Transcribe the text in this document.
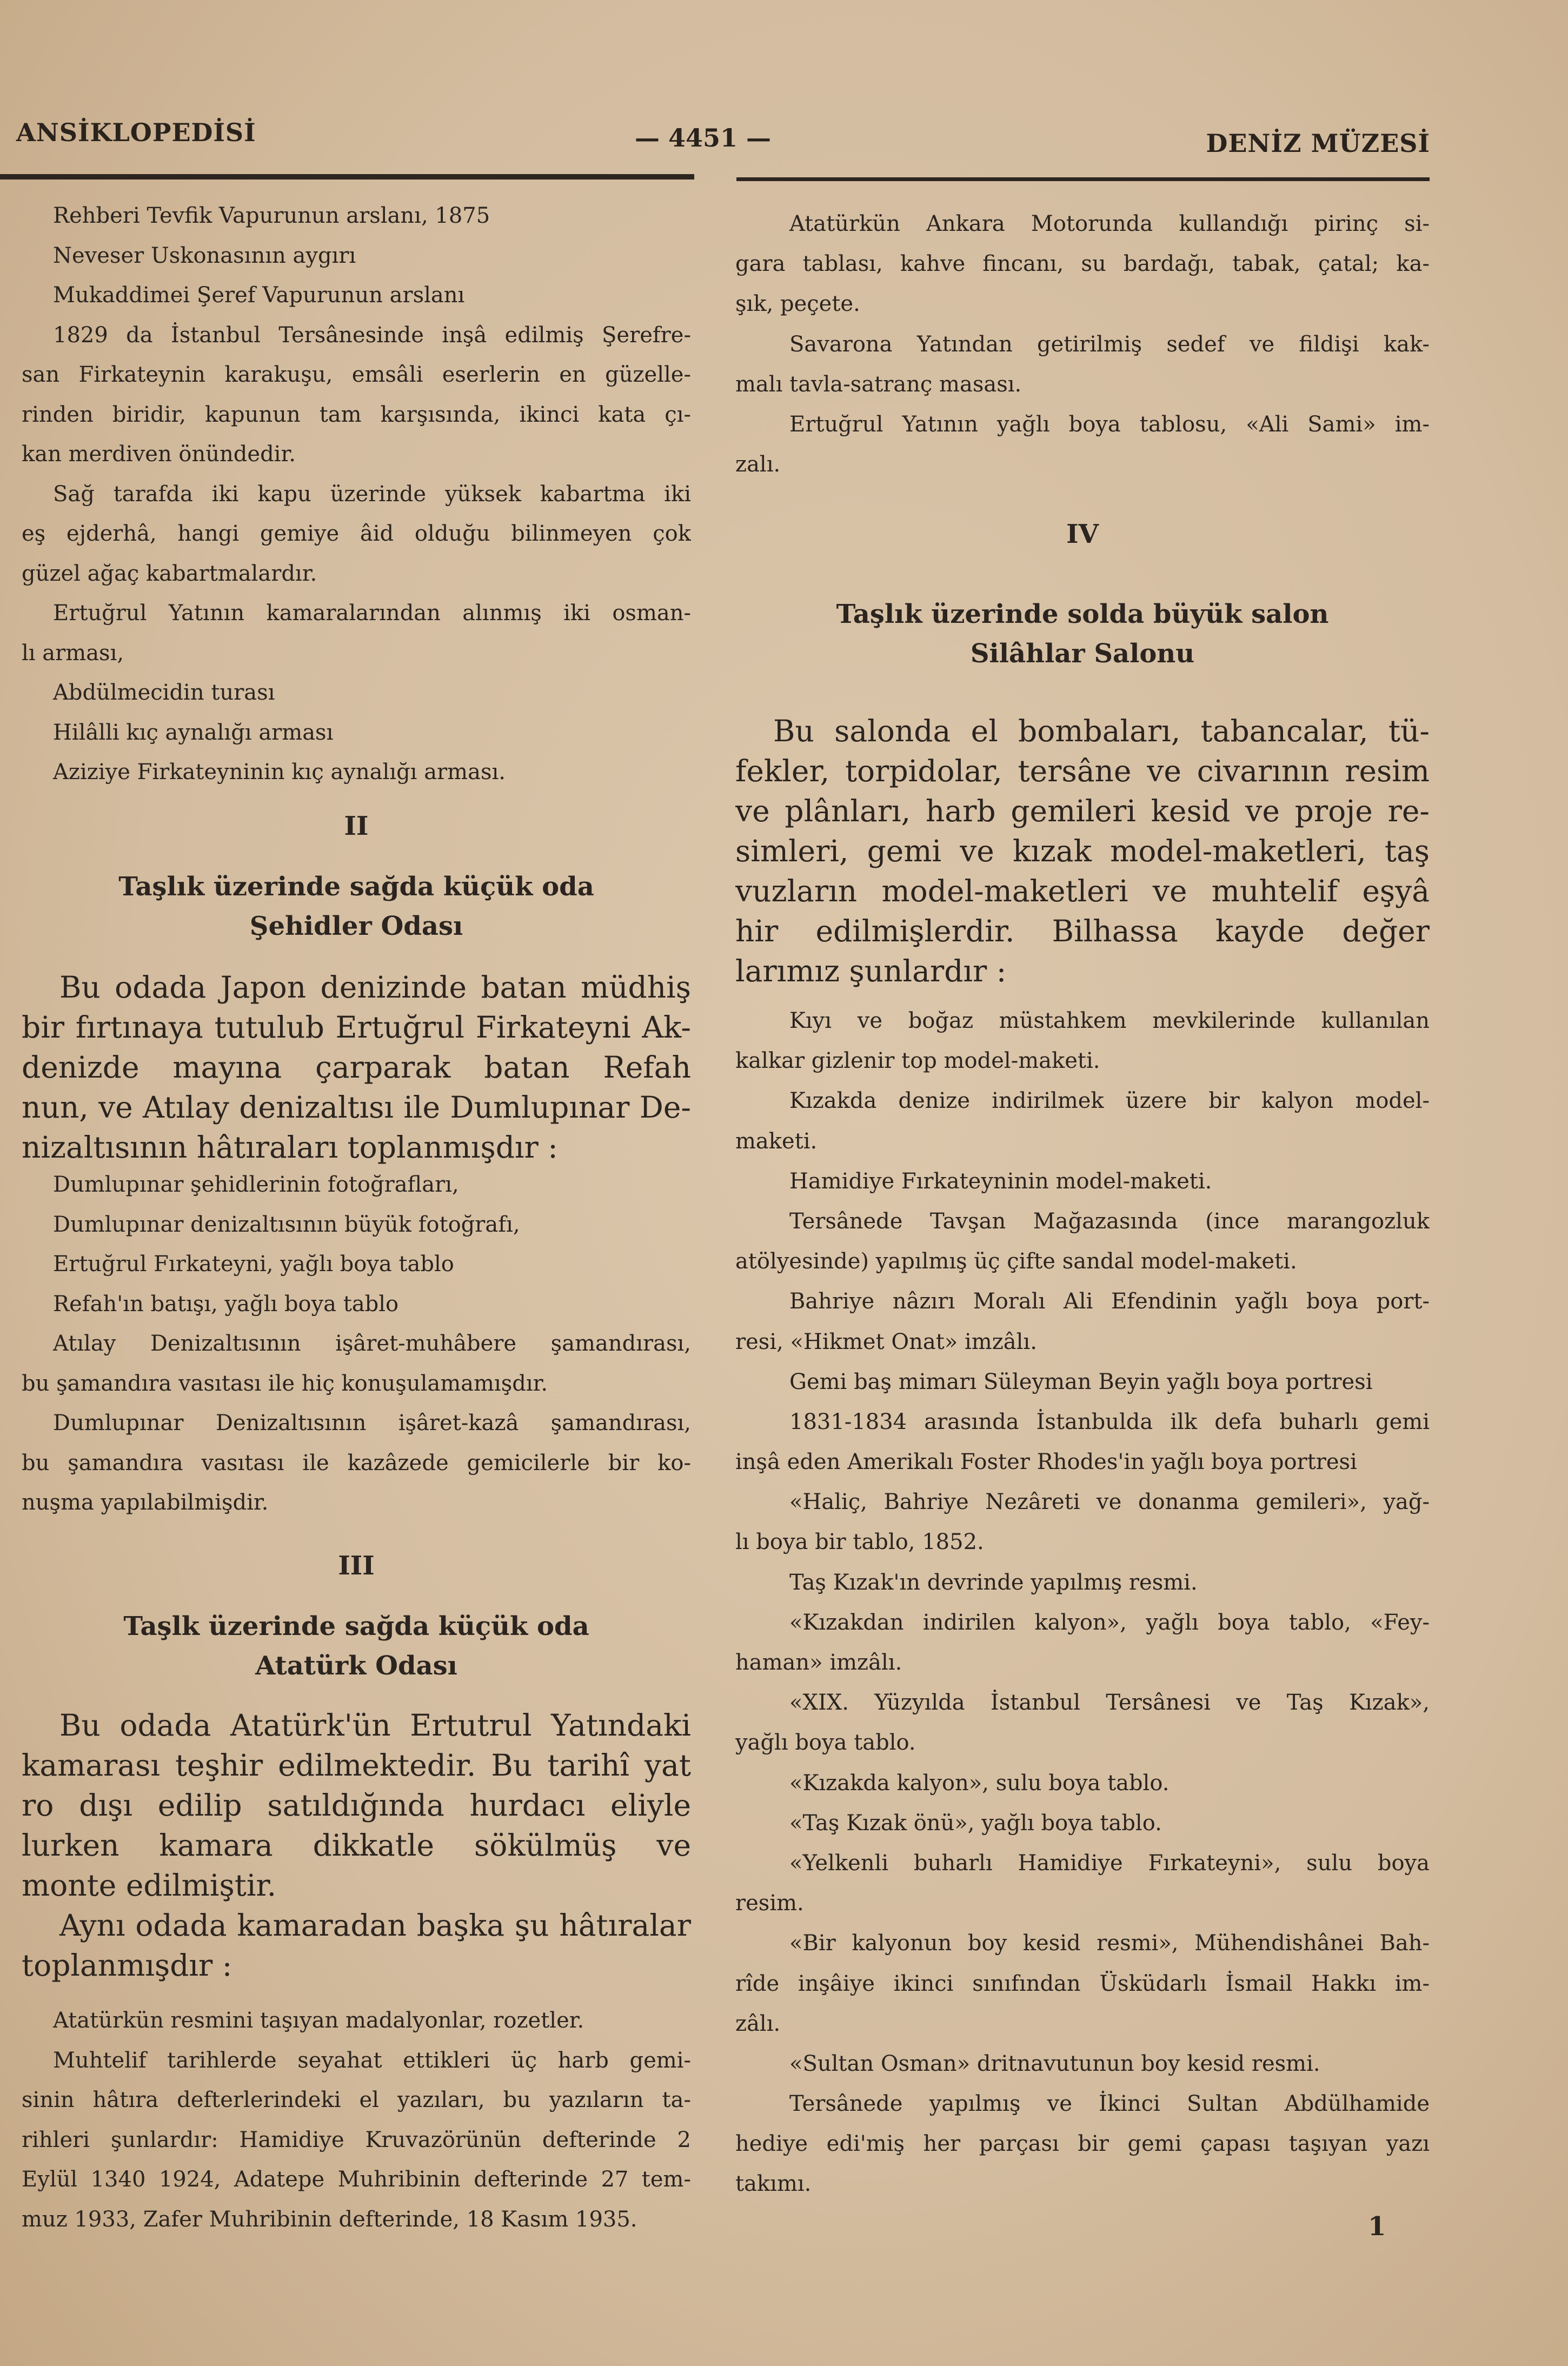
ANSİKLOPEDİSİ	— 4451 —	DENİZ MÜZESİ
Rehberi Tevfik Vapurunun arslanı, 1875
Neveser Uskonasının aygırı
Mukaddimei Şeref Vapurunun arslanı
1829 da İstanbul Tersânesinde inşâ edilmiş Şerefre-
san Firkateynin karakuşu, emsâli eserlerin en güzelle-
rinden biridir, kapunun tam karşısında, ikinci kata çı-
kan merdiven önündedir.
Sağ tarafda iki kapu üzerinde yüksek kabartma iki
eş ejderhâ, hangi gemiye âid olduğu bilinmeyen çok
güzel ağaç kabartmalardır.
Ertuğrul Yatının kamaralarından alınmış iki osman-
lı arması,
Abdülmecidin turası
Hilâlli kıç aynalığı arması
Aziziye Firkateyninin kıç aynalığı arması.
II
Taşlık üzerinde sağda küçük oda
Şehidler Odası
Bu odada Japon denizinde batan müdhiş
bir fırtınaya tutulub Ertuğrul Firkateyni Ak-
denizde mayına çarparak batan Refah
nun, ve Atılay denizaltısı ile Dumlupınar De-
nizaltısının hâtıraları toplanmışdır :
Dumlupınar şehidlerinin fotoğrafları,
Dumlupınar denizaltısının büyük fotoğrafı,
Ertuğrul Fırkateyni, yağlı boya tablo
Refah'ın batışı, yağlı boya tablo
Atılay Denizaltısının işâret-muhâbere şamandırası,
bu şamandıra vasıtası ile hiç konuşulamamışdır.
Dumlupınar Denizaltısının işâret-kazâ şamandırası,
bu şamandıra vasıtası ile kazâzede gemicilerle bir ko-
nuşma yapılabilmişdir.
III
Taşlk üzerinde sağda küçük oda
Atatürk Odası
Bu odada Atatürk'ün Ertutrul Yatındaki
kamarası teşhir edilmektedir. Bu tarihî yat
ro dışı edilip satıldığında hurdacı eliyle
lurken kamara dikkatle sökülmüş ve
monte edilmiştir.
Aynı odada kamaradan başka şu hâtıralar
toplanmışdır :
Atatürkün resmini taşıyan madalyonlar, rozetler.
Muhtelif tarihlerde seyahat ettikleri üç harb gemi-
sinin hâtıra defterlerindeki el yazıları, bu yazıların ta-
rihleri şunlardır: Hamidiye Kruvazörünün defterinde 2
Eylül 1340 1924, Adatepe Muhribinin defterinde 27 tem-
muz 1933, Zafer Muhribinin defterinde, 18 Kasım 1935.
Atatürkün Ankara Motorunda kullandığı pirinç si-
gara tablası, kahve fincanı, su bardağı, tabak, çatal; ka-
şık, peçete.
Savarona Yatından getirilmiş sedef ve fildişi kak-
malı tavla-satranç masası.
Ertuğrul Yatının yağlı boya tablosu, «Ali Sami» im-
zalı.
IV
Taşlık üzerinde solda büyük salon
Silâhlar Salonu
Bu salonda el bombaları, tabancalar, tü-
fekler, torpidolar, tersâne ve civarının resim
ve plânları, harb gemileri kesid ve proje re-
simleri, gemi ve kızak model-maketleri, taş
vuzların model-maketleri ve muhtelif eşyâ
hir edilmişlerdir. Bilhassa kayde değer
larımız şunlardır :
Kıyı ve boğaz müstahkem mevkilerinde kullanılan
kalkar gizlenir top model-maketi.
Kızakda denize indirilmek üzere bir kalyon model-
maketi.
Hamidiye Fırkateyninin model-maketi.
Tersânede Tavşan Mağazasında (ince marangozluk
atölyesinde) yapılmış üç çifte sandal model-maketi.
Bahriye nâzırı Moralı Ali Efendinin yağlı boya port-
resi, «Hikmet Onat» imzâlı.
Gemi baş mimarı Süleyman Beyin yağlı boya portresi
1831-1834 arasında İstanbulda ilk defa buharlı gemi
inşâ eden Amerikalı Foster Rhodes'in yağlı boya portresi
«Haliç, Bahriye Nezâreti ve donanma gemileri», yağ-
lı boya bir tablo, 1852.
Taş Kızak'ın devrinde yapılmış resmi.
«Kızakdan indirilen kalyon», yağlı boya tablo, «Fey-
haman» imzâlı.
«XIX. Yüzyılda İstanbul Tersânesi ve Taş Kızak»,
yağlı boya tablo.
«Kızakda kalyon», sulu boya tablo.
«Taş Kızak önü», yağlı boya tablo.
«Yelkenli buharlı Hamidiye Fırkateyni», sulu boya
resim.
«Bir kalyonun boy kesid resmi», Mühendishânei Bah-
rîde inşâiye ikinci sınıfından Üsküdarlı İsmail Hakkı im-
zâlı.
«Sultan Osman» dritnavutunun boy kesid resmi.
Tersânede yapılmış ve İkinci Sultan Abdülhamide
hediye edi'miş her parçası bir gemi çapası taşıyan yazı
takımı.
1
